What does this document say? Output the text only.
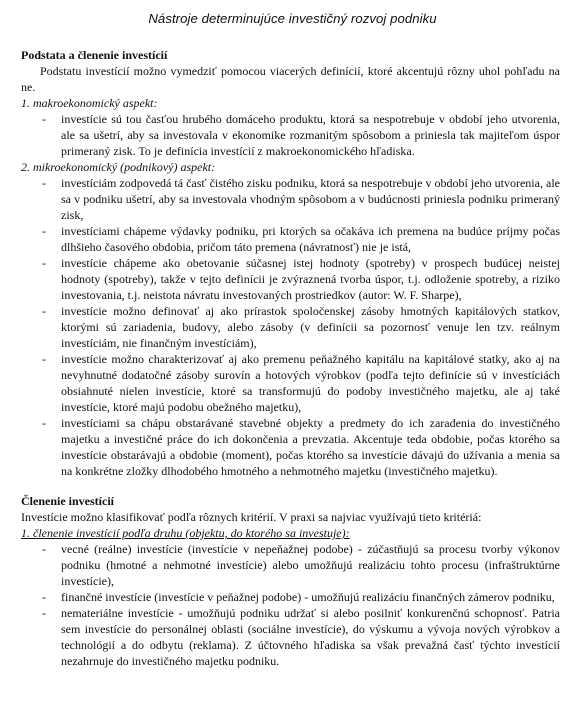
Nástroje determinujúce investičný rozvoj podniku
Podstata a členenie investícií

Podstatu investícií možno vymedziť pomocou viacerých definícií, ktoré akcentujú rôzny uhol pohľadu na ne.

1. makroekonomický aspekt:
- investície sú tou časťou hrubého domáceho produktu, ktorá sa nespotrebuje v období jeho utvorenia, ale sa ušetrí, aby sa investovala v ekonomike rozmanitým spôsobom a priniesla tak majiteľom úspor primeraný zisk. To je definícia investícií z makroekonomického hľadiska.
2. mikroekonomický (podnikový) aspekt:
- investíciám zodpovedá tá časť čistého zisku podniku, ktorá sa nespotrebuje v období jeho utvorenia, ale sa v podniku ušetrí, aby sa investovala vhodným spôsobom a v budúcnosti priniesla podniku primeraný zisk,
- investíciami chápeme výdavky podniku, pri ktorých sa očakáva ich premena na budúce príjmy počas dlhšieho časového obdobia, pričom táto premena (návratnosť) nie je istá,
- investície chápeme ako obetovanie súčasnej istej hodnoty (spotreby) v prospech budúcej neistej hodnoty (spotreby), takže v tejto definícii je zvýraznená tvorba úspor, t.j. odloženie spotreby, a riziko investovania, t.j. neistota návratu investovaných prostriedkov (autor: W. F. Sharpe),
- investície možno definovať aj ako prírastok spoločenskej zásoby hmotných kapitálových statkov, ktorými sú zariadenia, budovy, alebo zásoby (v definícii sa pozornosť venuje len tzv. reálnym investíciám, nie finančným investíciám),
- investície možno charakterizovať aj ako premenu peňažného kapitálu na kapitálové statky, ako aj na nevyhnutné dodatočné zásoby surovín a hotových výrobkov (podľa tejto definície sú v investíciách obsiahnuté nielen investície, ktoré sa transformujú do podoby investičného majetku, ale aj také investície, ktoré majú podobu obežného majetku),
- investíciami sa chápu obstarávané stavebné objekty a predmety do ich zaradenia do investičného majetku a investičné práce do ich dokončenia a prevzatia. Akcentuje teda obdobie, počas ktorého sa investície obstarávajú a obdobie (moment), počas ktorého sa investície dávajú do užívania a menia sa na konkrétne zložky dlhodobého hmotného a nehmotného majetku (investičného majetku).
Členenie investícií

Investície možno klasifikovať podľa rôznych kritérií. V praxi sa najviac využívajú tieto kritériá:

1. členenie investícií podľa druhu (objektu, do ktorého sa investuje):
- vecné (reálne) investície (investície v nepeňažnej podobe) - zúčastňujú sa procesu tvorby výkonov podniku (hmotné a nehmotné investície) alebo umožňujú realizáciu tohto procesu (infraštruktúrne investície),
- finančné investície (investície v peňažnej podobe) - umožňujú realizáciu finančných zámerov podniku,
- nemateriálne investície - umožňujú podniku udržať si alebo posilniť konkurenčnú schopnosť. Patria sem investície do personálnej oblasti (sociálne investície), do výskumu a vývoja nových výrobkov a technológií a do odbytu (reklama). Z účtovného hľadiska sa však prevažná časť týchto investícií nezahrnuje do investičného majetku podniku.
